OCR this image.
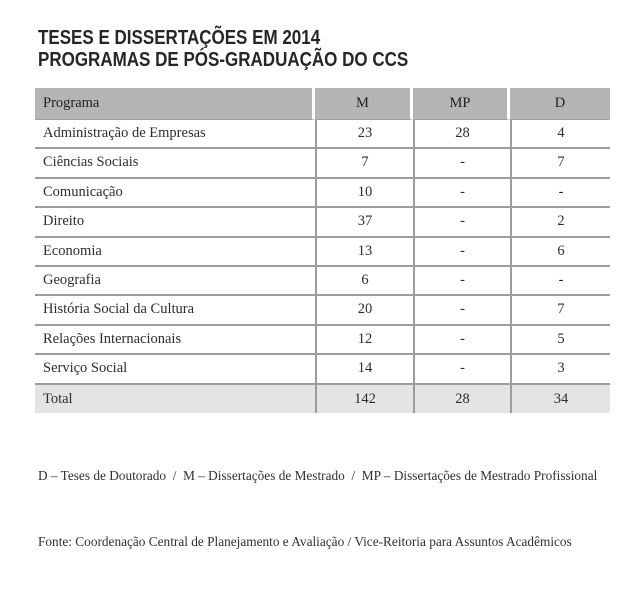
TESES E DISSERTAÇÕES EM 2014
PROGRAMAS DE PÓS-GRADUAÇÃO DO CCS
Programa	M	MP	D
Administração de Empresas	23	28	4
Ciências Sociais	7	-	7
Comunicação	10	-	-
Direito	37	-	2
Economia	13	-	6
Geografia	6	-	-
História Social da Cultura	20	-	7
Relações Internacionais	12	-	5
Serviço Social	14	-	3
Total	142	28	34

D – Teses de Doutorado  /  M – Dissertações de Mestrado  /  MP – Dissertações de Mestrado Profissional

Fonte: Coordenação Central de Planejamento e Avaliação / Vice-Reitoria para Assuntos Acadêmicos
